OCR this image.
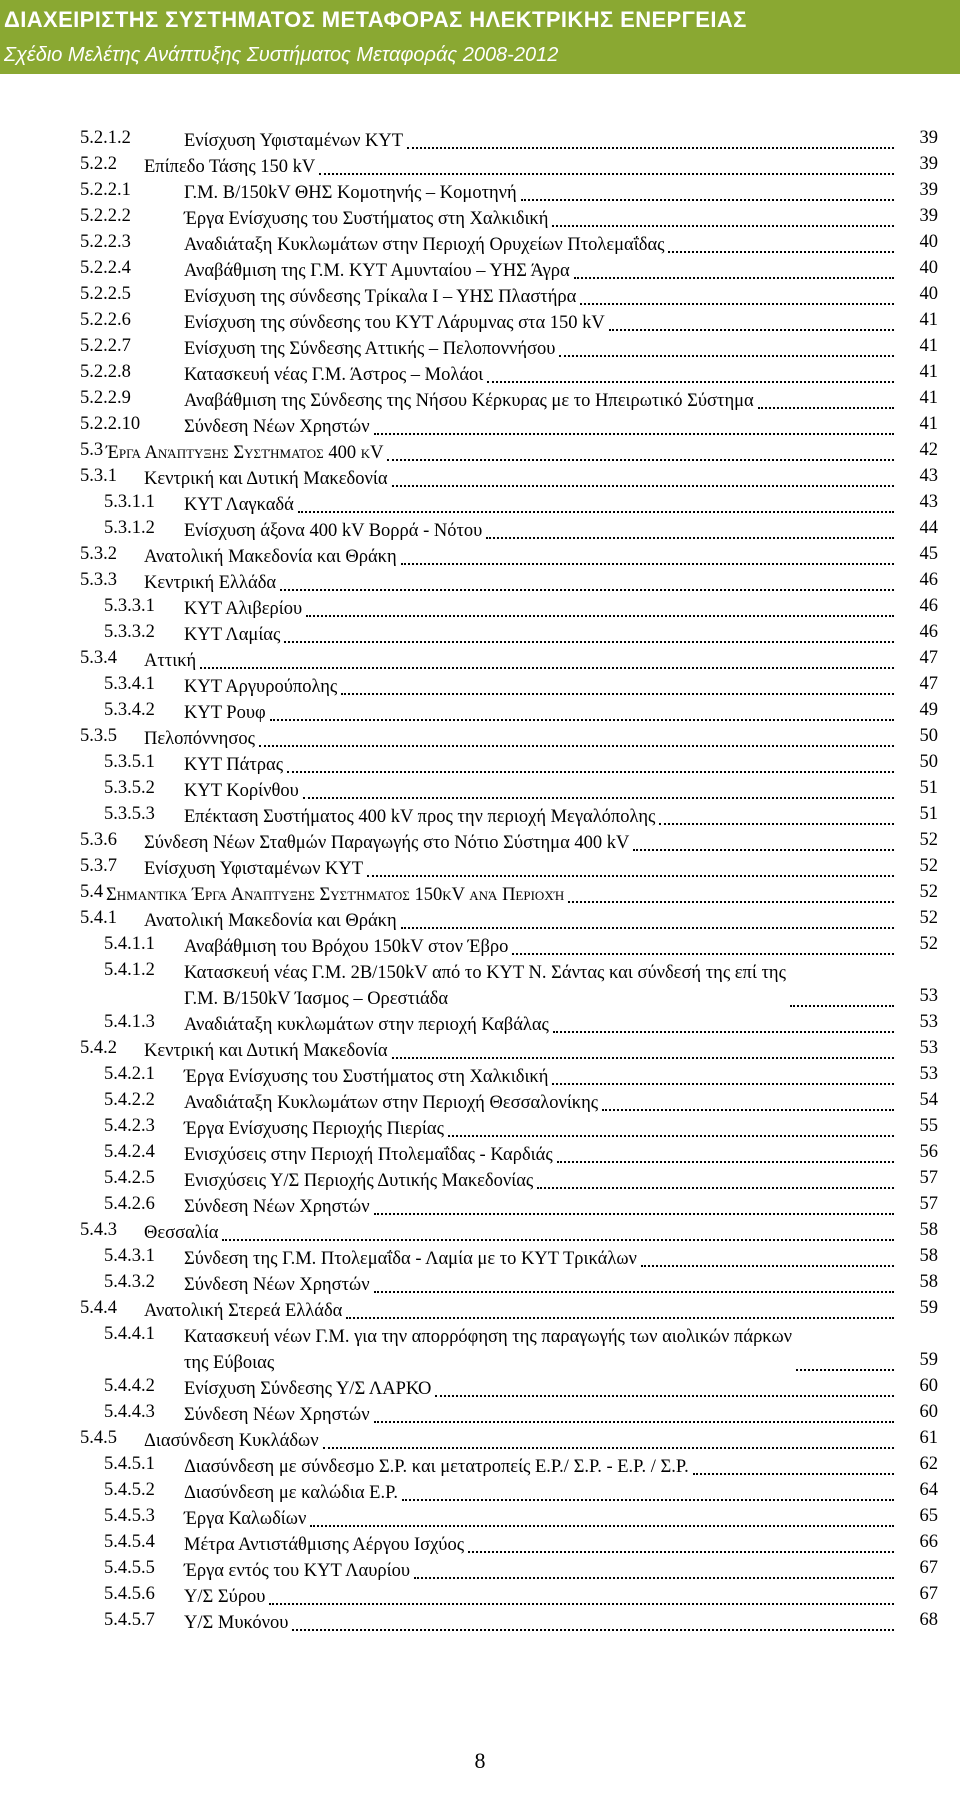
ΔΙΑΧΕΙΡΙΣΤΗΣ ΣΥΣΤΗΜΑΤΟΣ ΜΕΤΑΦΟΡΑΣ ΗΛΕΚΤΡΙΚΗΣ ΕΝΕΡΓΕΙΑΣ
Σχέδιο Μελέτης Ανάπτυξης Συστήματος Μεταφοράς 2008-2012
5.2.1.2	Ενίσχυση Υφισταμένων ΚΥΤ	39
5.2.2 Επίπεδο Τάσης 150 kV	39
5.2.2.1	Γ.Μ. Β/150kV ΘΗΣ Κομοτηνής – Κομοτηνή	39
5.2.2.2	Έργα Ενίσχυσης του Συστήματος στη Χαλκιδική	39
5.2.2.3	Αναδιάταξη Κυκλωμάτων στην Περιοχή Ορυχείων Πτολεμαΐδας	40
5.2.2.4	Αναβάθμιση της Γ.Μ. ΚΥΤ Αμυνταίου – ΥΗΣ Άγρα	40
5.2.2.5	Ενίσχυση της σύνδεσης Τρίκαλα Ι – ΥΗΣ Πλαστήρα	40
5.2.2.6	Ενίσχυση της σύνδεσης του ΚΥΤ Λάρυμνας στα 150 kV	41
5.2.2.7	Ενίσχυση της Σύνδεσης Αττικής – Πελοποννήσου	41
5.2.2.8	Κατασκευή νέας Γ.Μ. Άστρος – Μολάοι	41
5.2.2.9	Αναβάθμιση της Σύνδεσης της Νήσου Κέρκυρας με το Ηπειρωτικό Σύστημα	41
5.2.2.10 Σύνδεση Νέων Χρηστών	41
5.3 Έργα Ανάπτυξης Συστήματος 400 kV	42
5.3.1 Κεντρική και Δυτική Μακεδονία	43
5.3.1.1 ΚΥΤ Λαγκαδά	43
5.3.1.2 Ενίσχυση άξονα 400 kV Βορρά - Νότου	44
5.3.2 Ανατολική Μακεδονία και Θράκη	45
5.3.3 Κεντρική Ελλάδα	46
5.3.3.1 ΚΥΤ Αλιβερίου	46
5.3.3.2 ΚΥΤ Λαμίας	46
5.3.4 Αττική	47
5.3.4.1 ΚΥΤ Αργυρούπολης	47
5.3.4.2 ΚΥΤ Ρουφ	49
5.3.5 Πελοπόννησος	50
5.3.5.1 ΚΥΤ Πάτρας	50
5.3.5.2 ΚΥΤ Κορίνθου	51
5.3.5.3 Επέκταση Συστήματος 400 kV προς την περιοχή Μεγαλόπολης	51
5.3.6 Σύνδεση Νέων Σταθμών Παραγωγής στο Νότιο Σύστημα 400 kV	52
5.3.7 Ενίσχυση Υφισταμένων ΚΥΤ	52
5.4 Σημαντικά Έργα Ανάπτυξης Συστήματος 150kV ανά Περιοχή	52
5.4.1 Ανατολική Μακεδονία και Θράκη	52
5.4.1.1 Αναβάθμιση του Βρόχου 150kV στον Έβρο	52
5.4.1.2 Κατασκευή νέας Γ.Μ. 2Β/150kV από το ΚΥΤ Ν. Σάντας και σύνδεσή της επί της
Γ.Μ. Β/150kV Ίασμος – Ορεστιάδα	53
5.4.1.3 Αναδιάταξη κυκλωμάτων στην περιοχή Καβάλας	53
5.4.2 Κεντρική και Δυτική Μακεδονία	53
5.4.2.1 Έργα Ενίσχυσης του Συστήματος στη Χαλκιδική	53
5.4.2.2 Αναδιάταξη Κυκλωμάτων στην Περιοχή Θεσσαλονίκης	54
5.4.2.3 Έργα Ενίσχυσης Περιοχής Πιερίας	55
5.4.2.4 Ενισχύσεις στην Περιοχή Πτολεμαΐδας - Καρδιάς	56
5.4.2.5 Ενισχύσεις Υ/Σ Περιοχής Δυτικής Μακεδονίας	57
5.4.2.6 Σύνδεση Νέων Χρηστών	57
5.4.3 Θεσσαλία	58
5.4.3.1 Σύνδεση της Γ.Μ. Πτολεμαΐδα - Λαμία με το ΚΥΤ Τρικάλων	58
5.4.3.2 Σύνδεση Νέων Χρηστών	58
5.4.4 Ανατολική Στερεά Ελλάδα	59
5.4.4.1 Κατασκευή νέων Γ.Μ. για την απορρόφηση της παραγωγής των αιολικών πάρκων
της Εύβοιας	59
5.4.4.2 Ενίσχυση Σύνδεσης Υ/Σ ΛΑΡΚΟ	60
5.4.4.3 Σύνδεση Νέων Χρηστών	60
5.4.5 Διασύνδεση Κυκλάδων	61
5.4.5.1 Διασύνδεση με σύνδεσμο Σ.Ρ. και μετατροπείς Ε.Ρ./ Σ.Ρ. - Ε.Ρ. / Σ.Ρ.	62
5.4.5.2 Διασύνδεση με καλώδια Ε.Ρ.	64
5.4.5.3 Έργα Καλωδίων	65
5.4.5.4 Μέτρα Αντιστάθμισης Αέργου Ισχύος	66
5.4.5.5 Έργα εντός του ΚΥΤ Λαυρίου	67
5.4.5.6 Υ/Σ Σύρου	67
5.4.5.7 Υ/Σ Μυκόνου	68
8
